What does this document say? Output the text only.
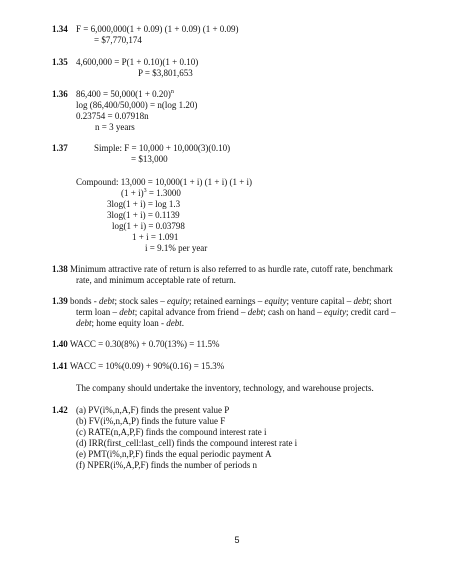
1.34 F = 6,000,000(1 + 0.09) (1 + 0.09) (1 + 0.09)
= $7,770,174
1.35 4,600,000 = P(1 + 0.10)(1 + 0.10)
P = $3,801,653
1.36 $86,400 = 50,000(1 + 0.20)^n$
log (86,400/50,000) = n(log 1.20)
0.23754 = 0.07918n
n = 3 years
1.37	Simple: F = 10,000 + 10,000(3)(0.10)
= $13,000
Compound: 13,000 = 10,000(1 + i) (1 + i) (1 + i)
$(1 + i)^3 = 1.3000$
3log(1 + i) = log 1.3
3log(1 + i) = 0.1139
log(1 + i) = 0.03798
1 + i = 1.091
i = 9.1% per year
1.38 Minimum attractive rate of return is also referred to as hurdle rate, cutoff rate, benchmark
rate, and minimum acceptable rate of return.
1.39 bonds - debt; stock sales – equity; retained earnings – equity; venture capital – debt; short
term loan – debt; capital advance from friend – debt; cash on hand – equity; credit card –
debt; home equity loan - debt.
1.40 WACC = 0.30(8%) + 0.70(13%) = 11.5%
1.41 WACC = 10%(0.09) + 90%(0.16) = 15.3%
The company should undertake the inventory, technology, and warehouse projects.
1.42 (a) PV(i%,n,A,F) finds the present value P
(b) FV(i%,n,A,P) finds the future value F
(c) RATE(n,A,P,F) finds the compound interest rate i
(d) IRR(first_cell:last_cell) finds the compound interest rate i
(e) PMT(i%,n,P,F) finds the equal periodic payment A
(f) NPER(i%,A,P,F) finds the number of periods n
5
